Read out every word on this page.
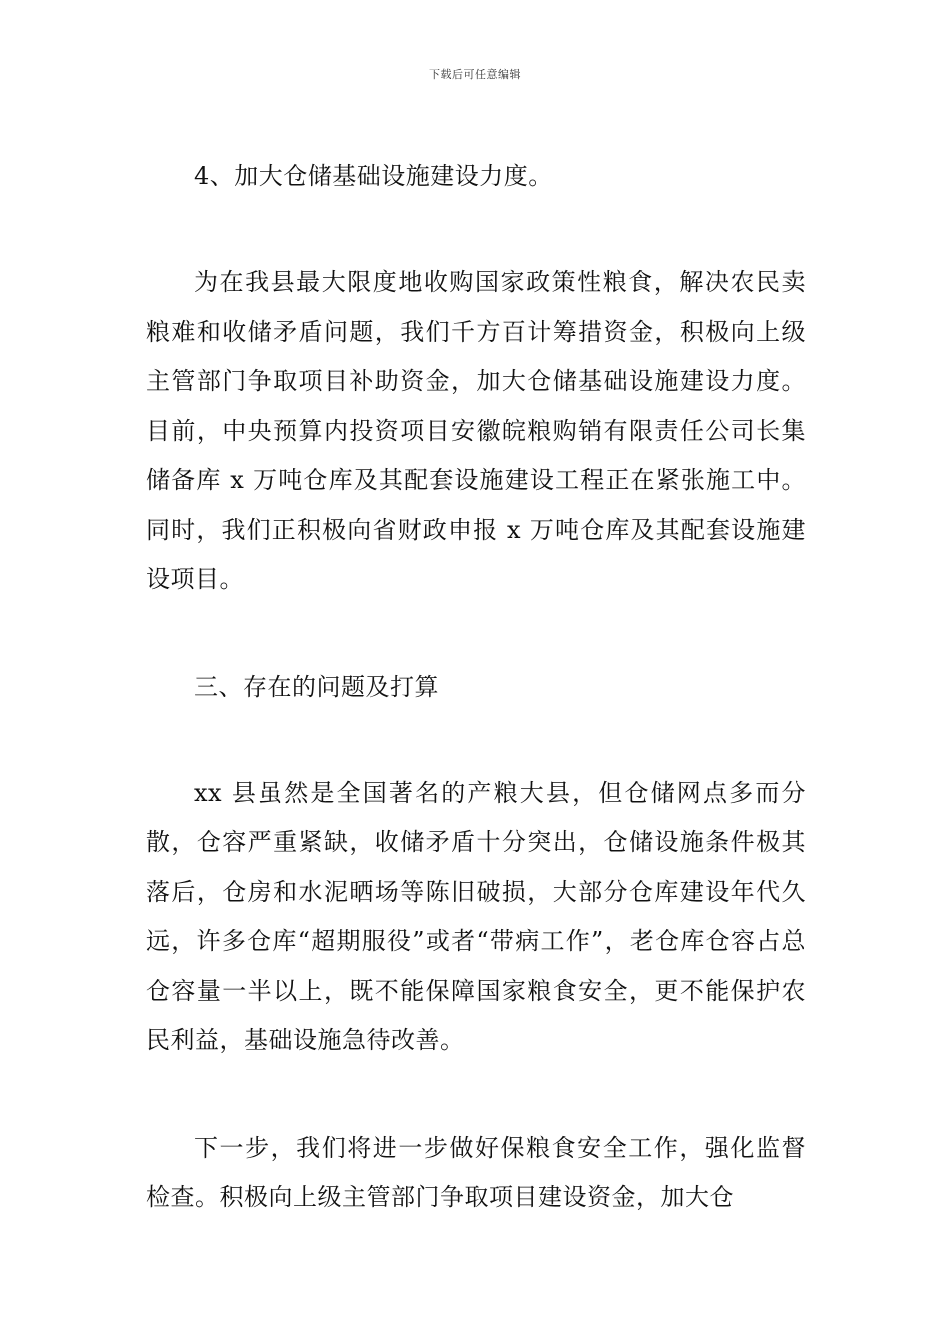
下载后可任意编辑

4、加大仓储基础设施建设力度。

为在我县最大限度地收购国家政策性粮食，解决农民卖粮难和收储矛盾问题，我们千方百计筹措资金，积极向上级主管部门争取项目补助资金，加大仓储基础设施建设力度。目前，中央预算内投资项目安徽皖粮购销有限责任公司长集储备库 x 万吨仓库及其配套设施建设工程正在紧张施工中。同时，我们正积极向省财政申报 x 万吨仓库及其配套设施建设项目。

三、存在的问题及打算

xx 县虽然是全国著名的产粮大县，但仓储网点多而分散，仓容严重紧缺，收储矛盾十分突出，仓储设施条件极其落后，仓房和水泥晒场等陈旧破损，大部分仓库建设年代久远，许多仓库“超期服役”或者“带病工作”，老仓库仓容占总仓容量一半以上，既不能保障国家粮食安全，更不能保护农民利益，基础设施急待改善。

下一步，我们将进一步做好保粮食安全工作，强化监督检查。积极向上级主管部门争取项目建设资金，加大仓
